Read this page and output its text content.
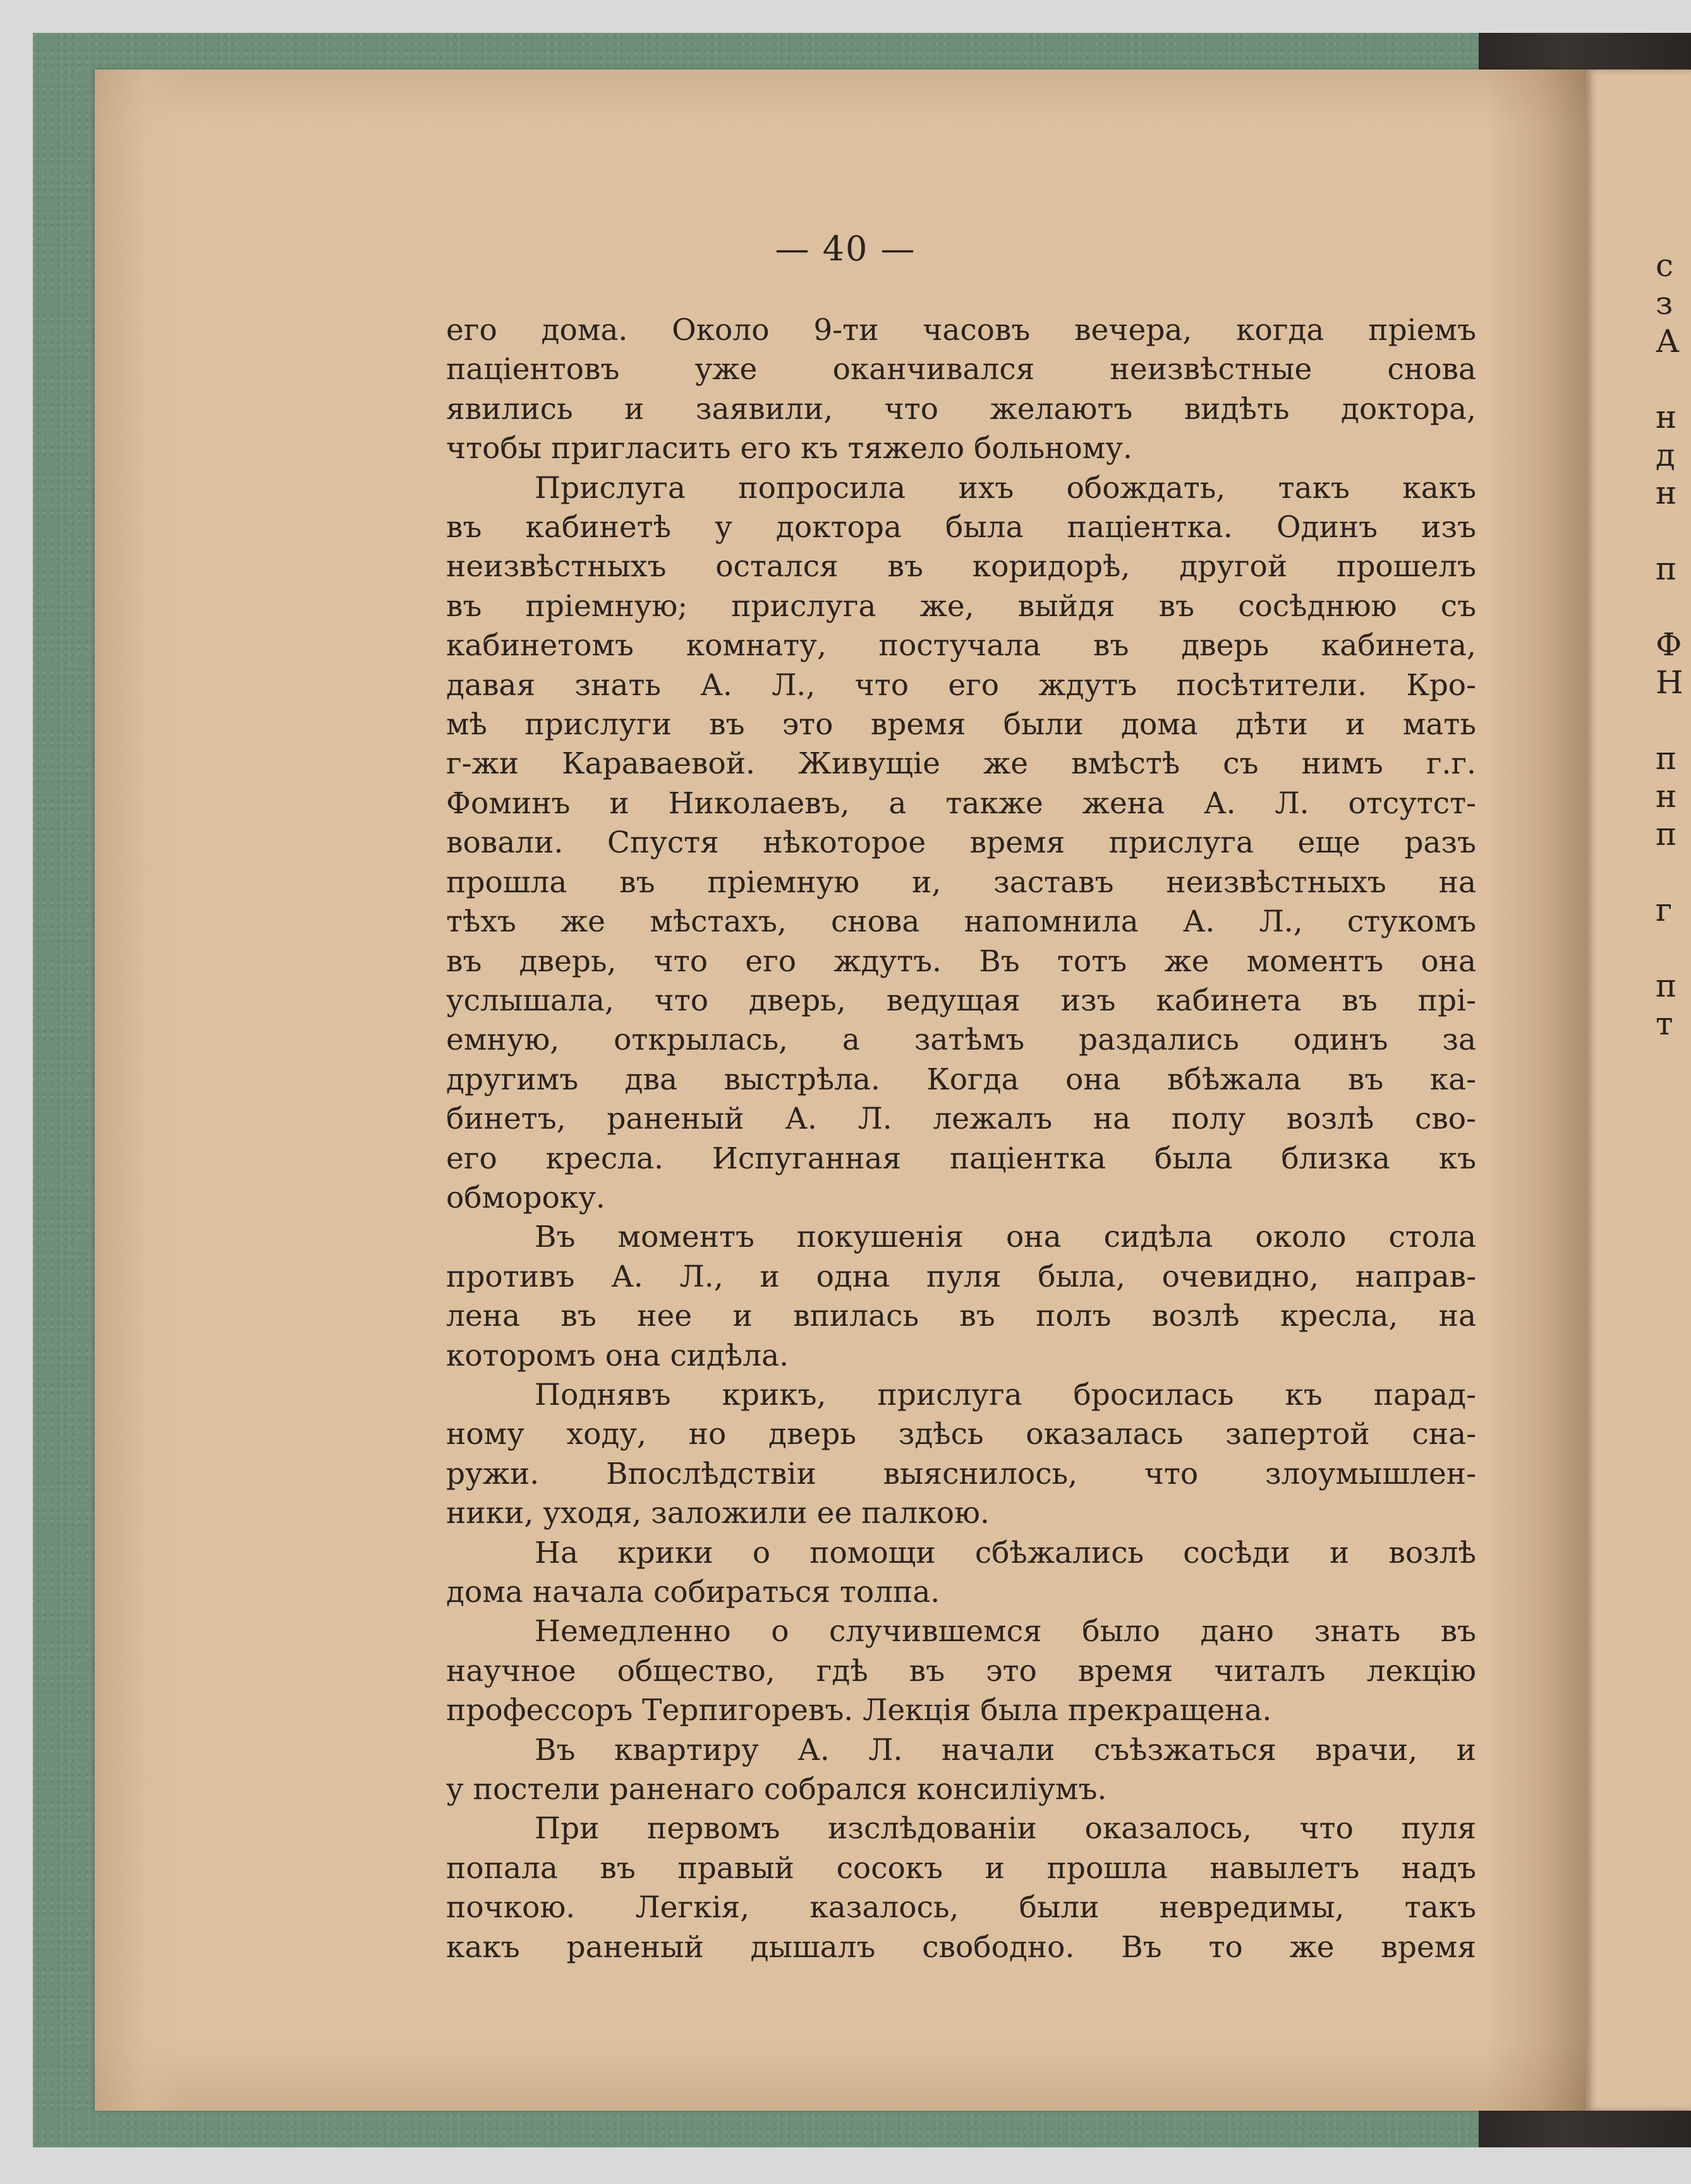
с
з
А
н
д
н
п
Ф
Н
п
н
п
г
п
т
— 40 —
его дома. Около 9-ти часовъ вечера, когда пріемъ
паціентовъ уже оканчивался неизвѣстные снова
явились и заявили, что желаютъ видѣть доктора,
чтобы пригласить его къ тяжело больному.
Прислуга попросила ихъ обождать, такъ какъ
въ кабинетѣ у доктора была паціентка. Одинъ изъ
неизвѣстныхъ остался въ коридорѣ, другой прошелъ
въ пріемную; прислуга же, выйдя въ сосѣднюю съ
кабинетомъ комнату, постучала въ дверь кабинета,
давая знать А. Л., что его ждутъ посѣтители. Кро-
мѣ прислуги въ это время были дома дѣти и мать
г-жи Караваевой. Живущіе же вмѣстѣ съ нимъ г.г.
Фоминъ и Николаевъ, а также жена А. Л. отсутст-
вовали. Спустя нѣкоторое время прислуга еще разъ
прошла въ пріемную и, заставъ неизвѣстныхъ на
тѣхъ же мѣстахъ, снова напомнила А. Л., стукомъ
въ дверь, что его ждутъ. Въ тотъ же моментъ она
услышала, что дверь, ведущая изъ кабинета въ прі-
емную, открылась, а затѣмъ раздались одинъ за
другимъ два выстрѣла. Когда она вбѣжала въ ка-
бинетъ, раненый А. Л. лежалъ на полу возлѣ сво-
его кресла. Испуганная паціентка была близка къ
обмороку.
Въ моментъ покушенія она сидѣла около стола
противъ А. Л., и одна пуля была, очевидно, направ-
лена въ нее и впилась въ полъ возлѣ кресла, на
которомъ она сидѣла.
Поднявъ крикъ, прислуга бросилась къ парад-
ному ходу, но дверь здѣсь оказалась запертой сна-
ружи. Впослѣдствіи выяснилось, что злоумышлен-
ники, уходя, заложили ее палкою.
На крики о помощи сбѣжались сосѣди и возлѣ
дома начала собираться толпа.
Немедленно о случившемся было дано знать въ
научное общество, гдѣ въ это время читалъ лекцію
профессоръ Терпигоревъ. Лекція была прекращена.
Въ квартиру А. Л. начали съѣзжаться врачи, и
у постели раненаго собрался консиліумъ.
При первомъ изслѣдованіи оказалось, что пуля
попала въ правый сосокъ и прошла навылетъ надъ
почкою. Легкія, казалось, были невредимы, такъ
какъ раненый дышалъ свободно. Въ то же время
